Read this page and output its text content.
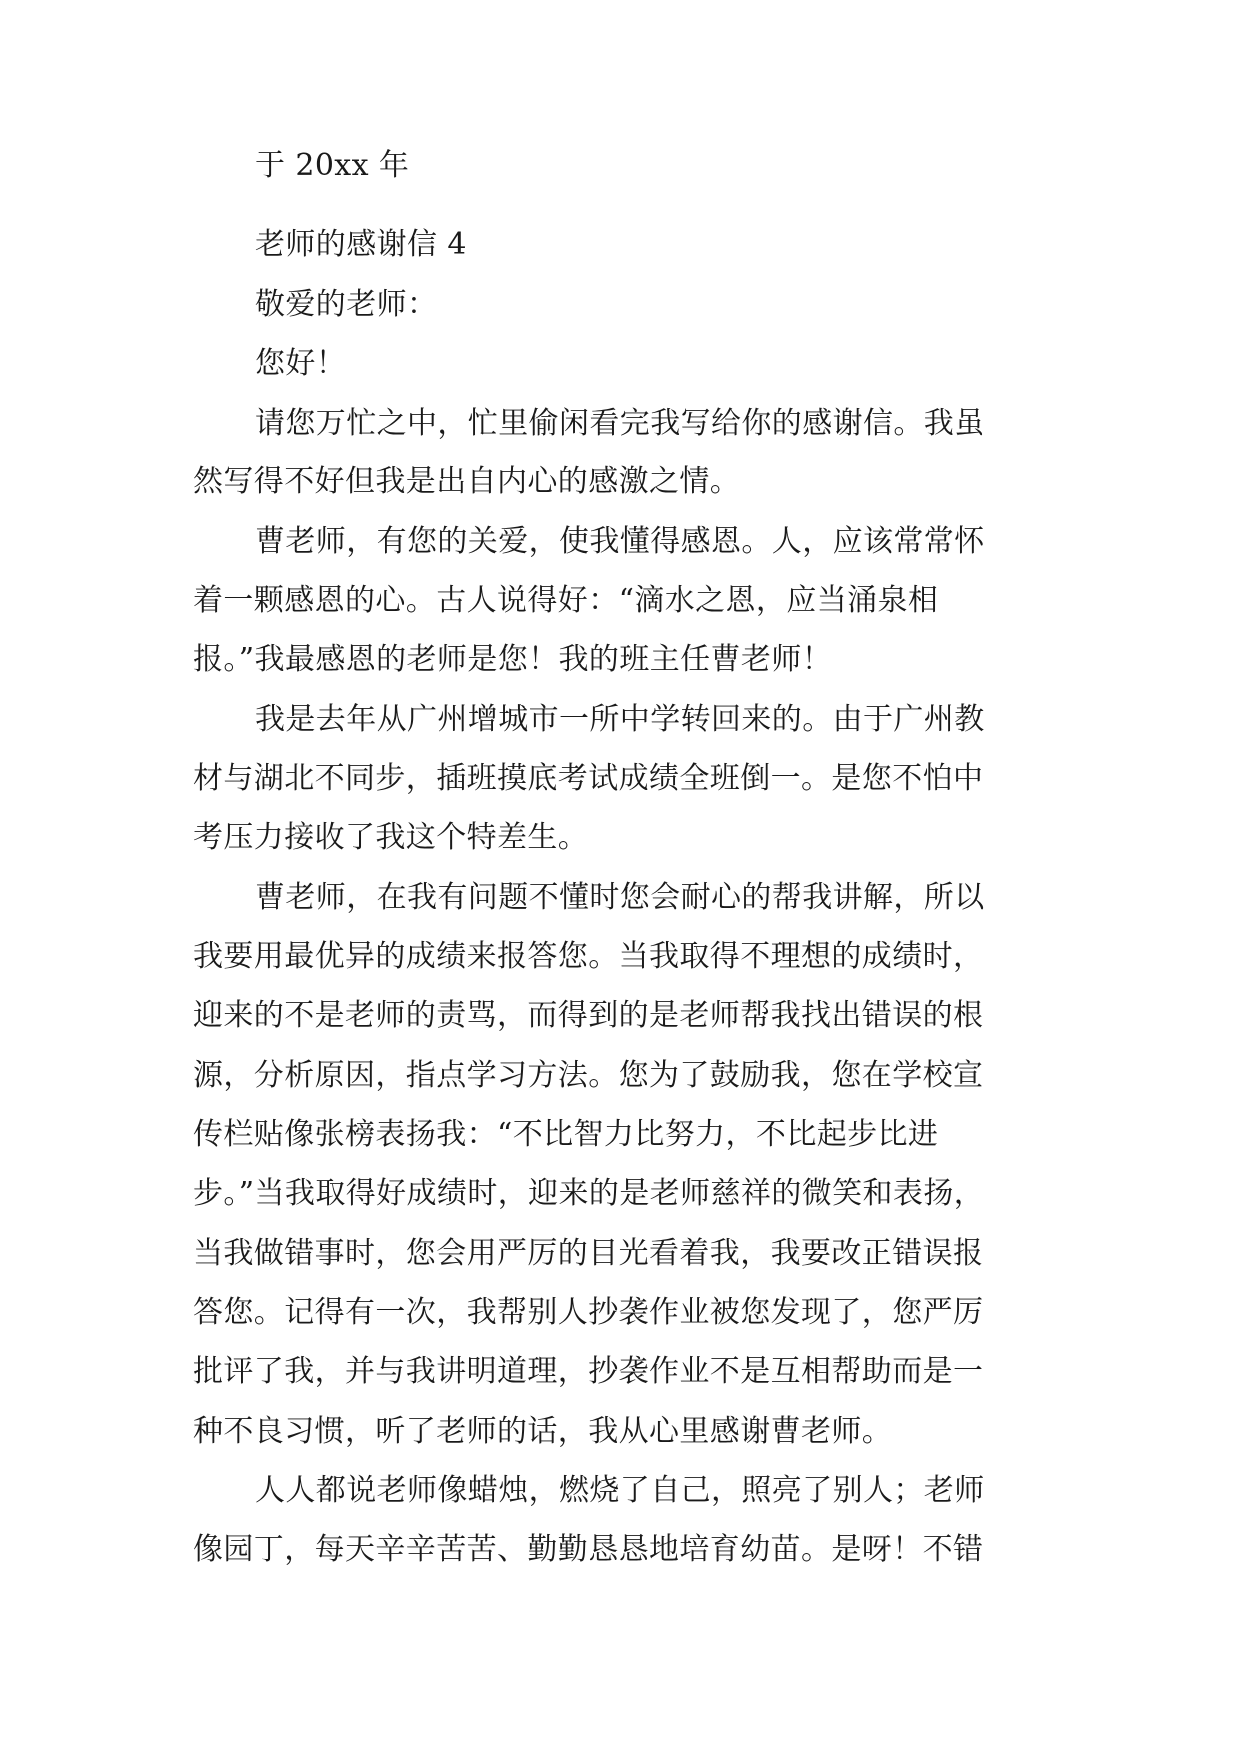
于 20xx 年
老师的感谢信 4
敬爱的老师：
您好！
请您万忙之中，忙里偷闲看完我写给你的感谢信。我虽
然写得不好但我是出自内心的感激之情。
曹老师，有您的关爱，使我懂得感恩。人，应该常常怀
着一颗感恩的心。古人说得好：“滴水之恩，应当涌泉相
报。”我最感恩的老师是您！我的班主任曹老师！
我是去年从广州增城市一所中学转回来的。由于广州教
材与湖北不同步，插班摸底考试成绩全班倒一。是您不怕中
考压力接收了我这个特差生。
曹老师，在我有问题不懂时您会耐心的帮我讲解，所以
我要用最优异的成绩来报答您。当我取得不理想的成绩时，
迎来的不是老师的责骂，而得到的是老师帮我找出错误的根
源，分析原因，指点学习方法。您为了鼓励我，您在学校宣
传栏贴像张榜表扬我：“不比智力比努力，不比起步比进
步。”当我取得好成绩时，迎来的是老师慈祥的微笑和表扬，
当我做错事时，您会用严厉的目光看着我，我要改正错误报
答您。记得有一次，我帮别人抄袭作业被您发现了，您严厉
批评了我，并与我讲明道理，抄袭作业不是互相帮助而是一
种不良习惯，听了老师的话，我从心里感谢曹老师。
人人都说老师像蜡烛，燃烧了自己，照亮了别人；老师
像园丁，每天辛辛苦苦、勤勤恳恳地培育幼苗。是呀！不错
